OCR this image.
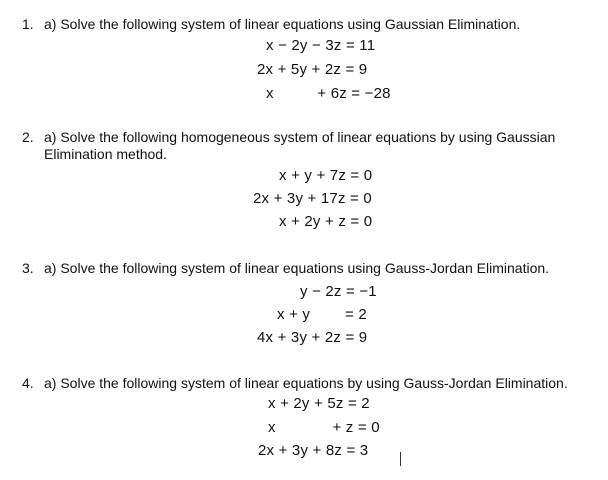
1. a) Solve the following system of linear equations using Gaussian Elimination.
x − 2y − 3z = 11
2x + 5y + 2z = 9
x          + 6z = −28
2. a) Solve the following homogeneous system of linear equations by using Gaussian
Elimination method.
x + y + 7z = 0
2x + 3y + 17z = 0
x + 2y + z = 0
3. a) Solve the following system of linear equations using Gauss-Jordan Elimination.
y − 2z = −1
x + y        = 2
4x + 3y + 2z = 9
4. a) Solve the following system of linear equations by using Gauss-Jordan Elimination.
x + 2y + 5z = 2
x             + z = 0
2x + 3y + 8z = 3
